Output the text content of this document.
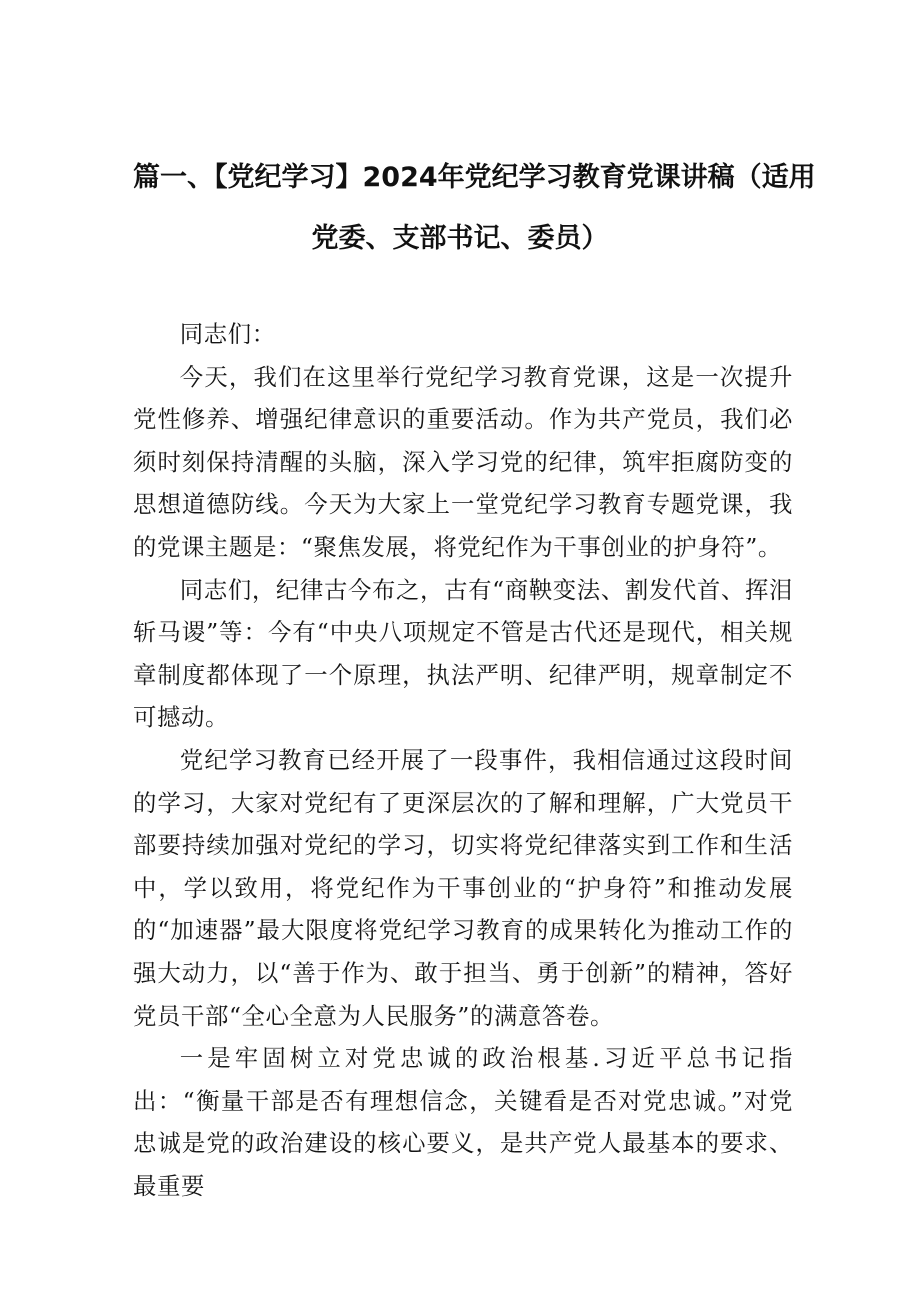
篇一、【党纪学习】2024年党纪学习教育党课讲稿（适用
党委、支部书记、委员）

同志们：

今天，我们在这里举行党纪学习教育党课，这是一次提升党性修养、增强纪律意识的重要活动。作为共产党员，我们必须时刻保持清醒的头脑，深入学习党的纪律，筑牢拒腐防变的思想道德防线。今天为大家上一堂党纪学习教育专题党课，我的党课主题是：“聚焦发展，将党纪作为干事创业的护身符”。

同志们，纪律古今布之，古有“商鞅变法、割发代首、挥泪斩马谡”等：今有“中央八项规定不管是古代还是现代，相关规章制度都体现了一个原理，执法严明、纪律严明，规章制定不可撼动。

党纪学习教育已经开展了一段事件，我相信通过这段时间的学习，大家对党纪有了更深层次的了解和理解，广大党员干部要持续加强对党纪的学习，切实将党纪律落实到工作和生活中，学以致用，将党纪作为干事创业的“护身符”和推动发展的“加速器”最大限度将党纪学习教育的成果转化为推动工作的强大动力，以“善于作为、敢于担当、勇于创新”的精神，答好党员干部“全心全意为人民服务”的满意答卷。

一是牢固树立对党忠诚的政治根基.习近平总书记指出：“衡量干部是否有理想信念，关键看是否对党忠诚。”对党忠诚是党的政治建设的核心要义，是共产党人最基本的要求、最重要
